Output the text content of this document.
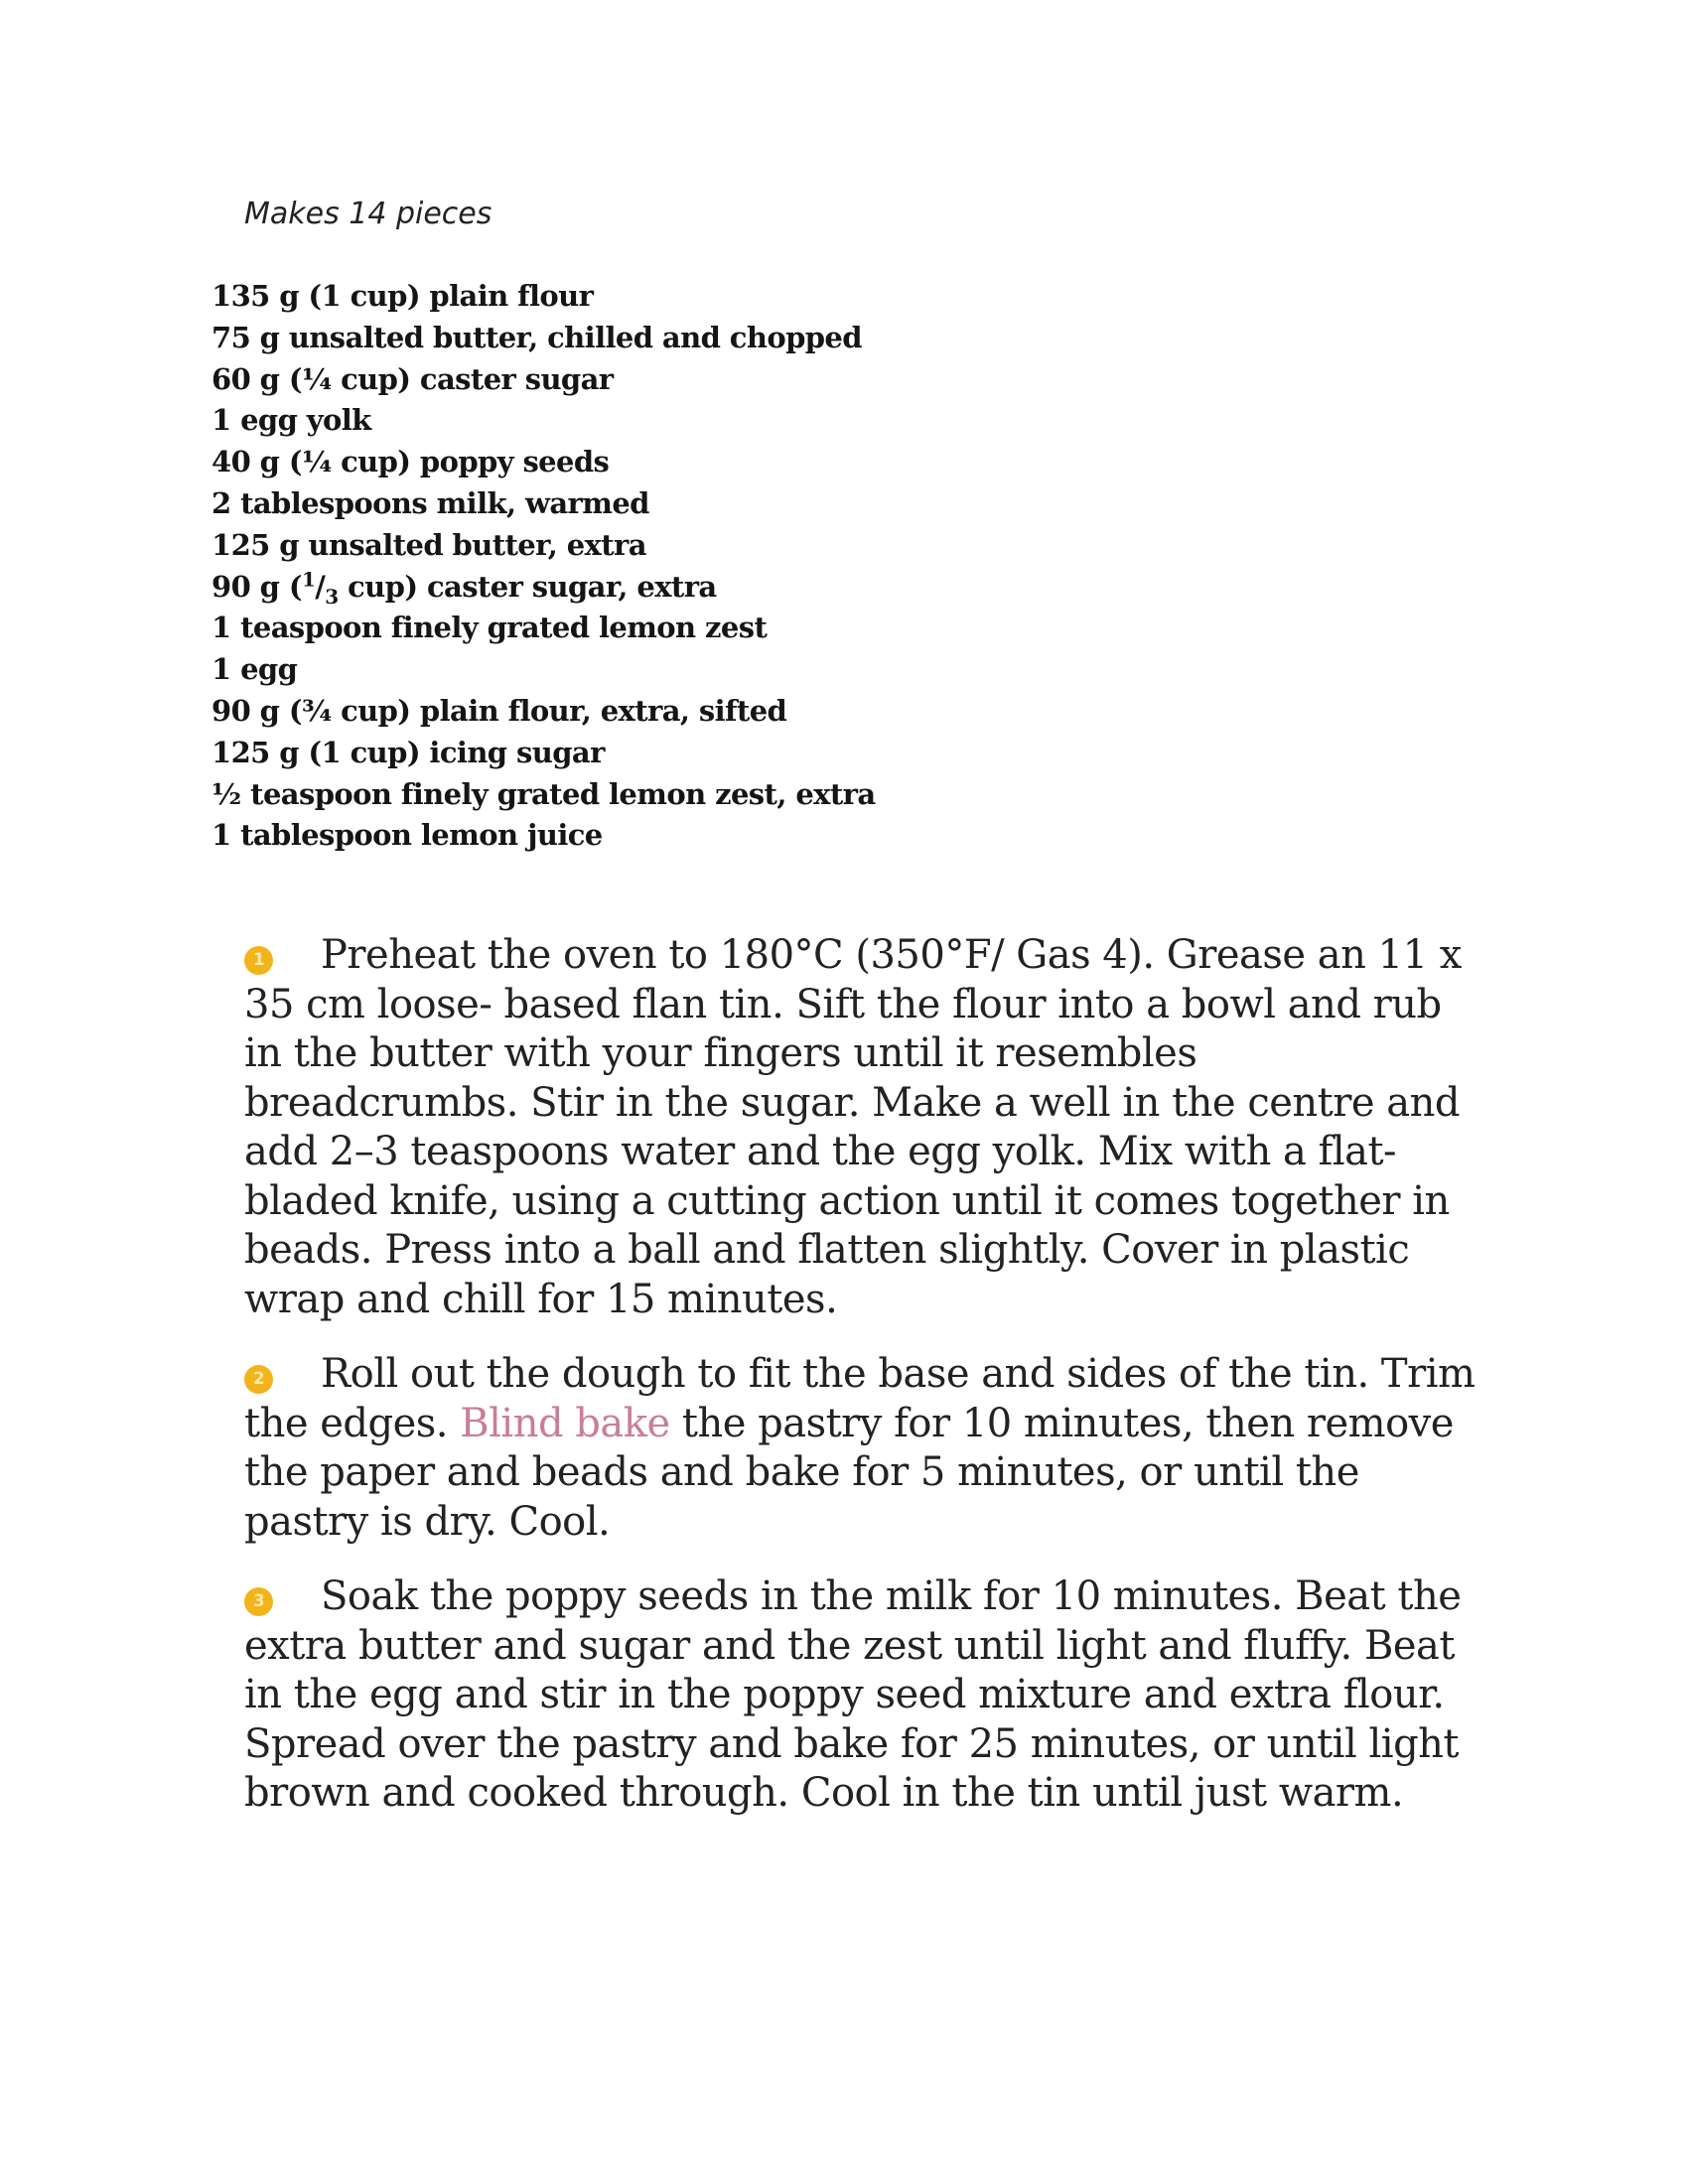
Makes 14 pieces

135 g (1 cup) plain flour
75 g unsalted butter, chilled and chopped
60 g (¼ cup) caster sugar
1 egg yolk
40 g (¼ cup) poppy seeds
2 tablespoons milk, warmed
125 g unsalted butter, extra
90 g ($^1/_3$ cup) caster sugar, extra
1 teaspoon finely grated lemon zest
1 egg
90 g (¾ cup) plain flour, extra, sifted
125 g (1 cup) icing sugar
½ teaspoon finely grated lemon zest, extra
1 tablespoon lemon juice
1 Preheat the oven to 180°C (350°F/ Gas 4). Grease an 11 x 35 cm loose- based flan tin. Sift the flour into a bowl and rub in the butter with your fingers until it resembles breadcrumbs. Stir in the sugar. Make a well in the centre and add 2–3 teaspoons water and the egg yolk. Mix with a flat-bladed knife, using a cutting action until it comes together in beads. Press into a ball and flatten slightly. Cover in plastic wrap and chill for 15 minutes.
2 Roll out the dough to fit the base and sides of the tin. Trim the edges. Blind bake the pastry for 10 minutes, then remove the paper and beads and bake for 5 minutes, or until the pastry is dry. Cool.
3 Soak the poppy seeds in the milk for 10 minutes. Beat the extra butter and sugar and the zest until light and fluffy. Beat in the egg and stir in the poppy seed mixture and extra flour. Spread over the pastry and bake for 25 minutes, or until light brown and cooked through. Cool in the tin until just warm.
